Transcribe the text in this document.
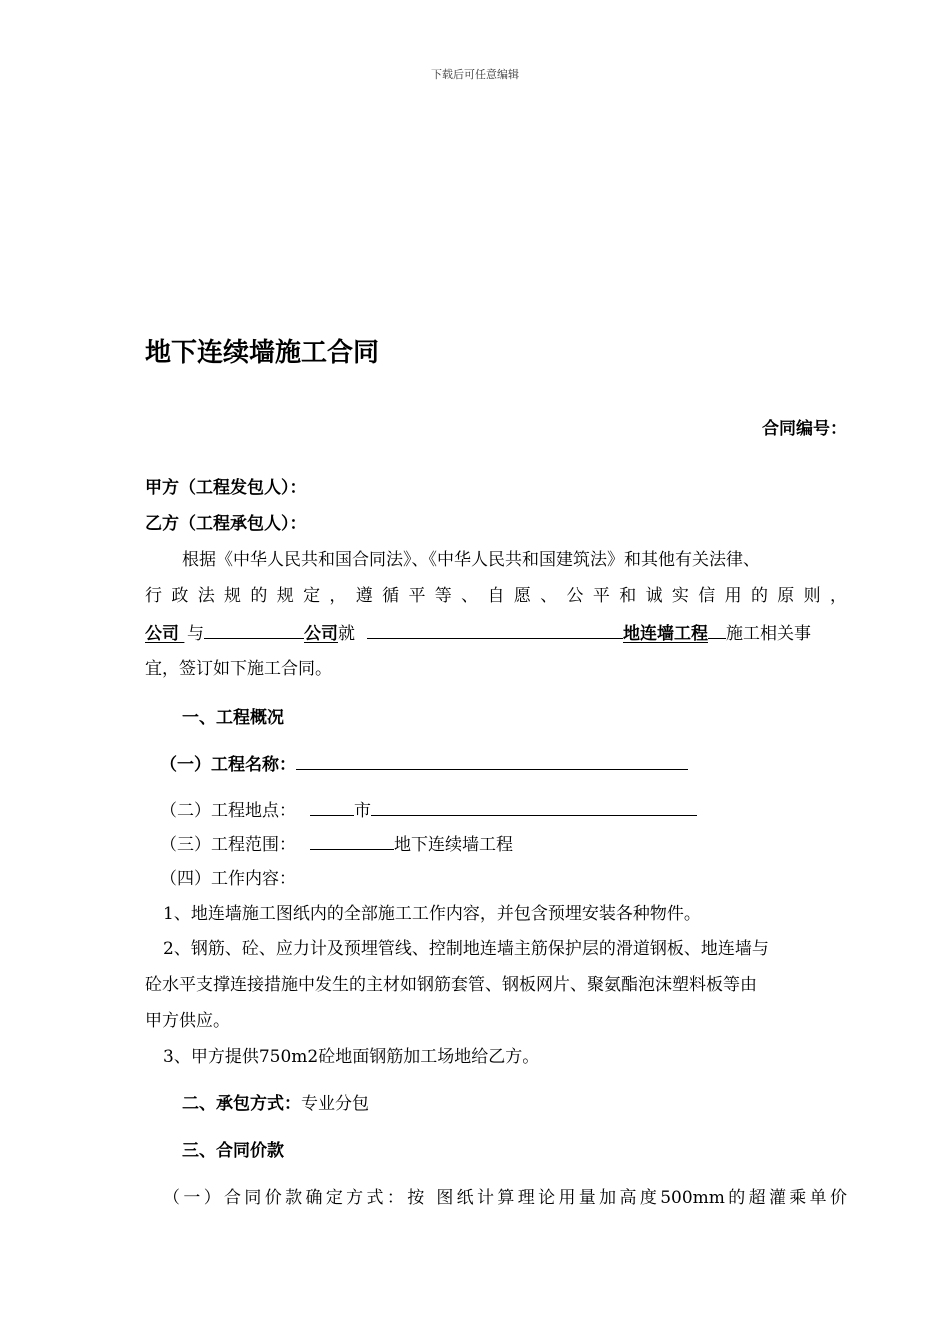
下载后可任意编辑
地下连续墙施工合同
合同编号：
甲方（工程发包人）：
乙方（工程承包人）：
根据《中华人民共和国合同法》、《中华人民共和国建筑法》和其他有关法律、
行政法规的规定，遵循平等、自愿、公平和诚实信用的原则，
公司 与	公司就	地连墙工程 施工相关事
宜，签订如下施工合同。
一、工程概况
（一）工程名称：
（二）工程地点：	市
（三）工程范围：	地下连续墙工程
（四）工作内容：
1、地连墙施工图纸内的全部施工工作内容，并包含预埋安装各种物件。
2、钢筋、砼、应力计及预埋管线、控制地连墙主筋保护层的滑道钢板、地连墙与
砼水平支撑连接措施中发生的主材如钢筋套管、钢板网片、聚氨酯泡沫塑料板等由
甲方供应。
3、甲方提供750m2砼地面钢筋加工场地给乙方。
二、承包方式：专业分包
三、合同价款
（一）合同价款确定方式：按 图纸计算理论用量加高度500mm的超灌乘单价
